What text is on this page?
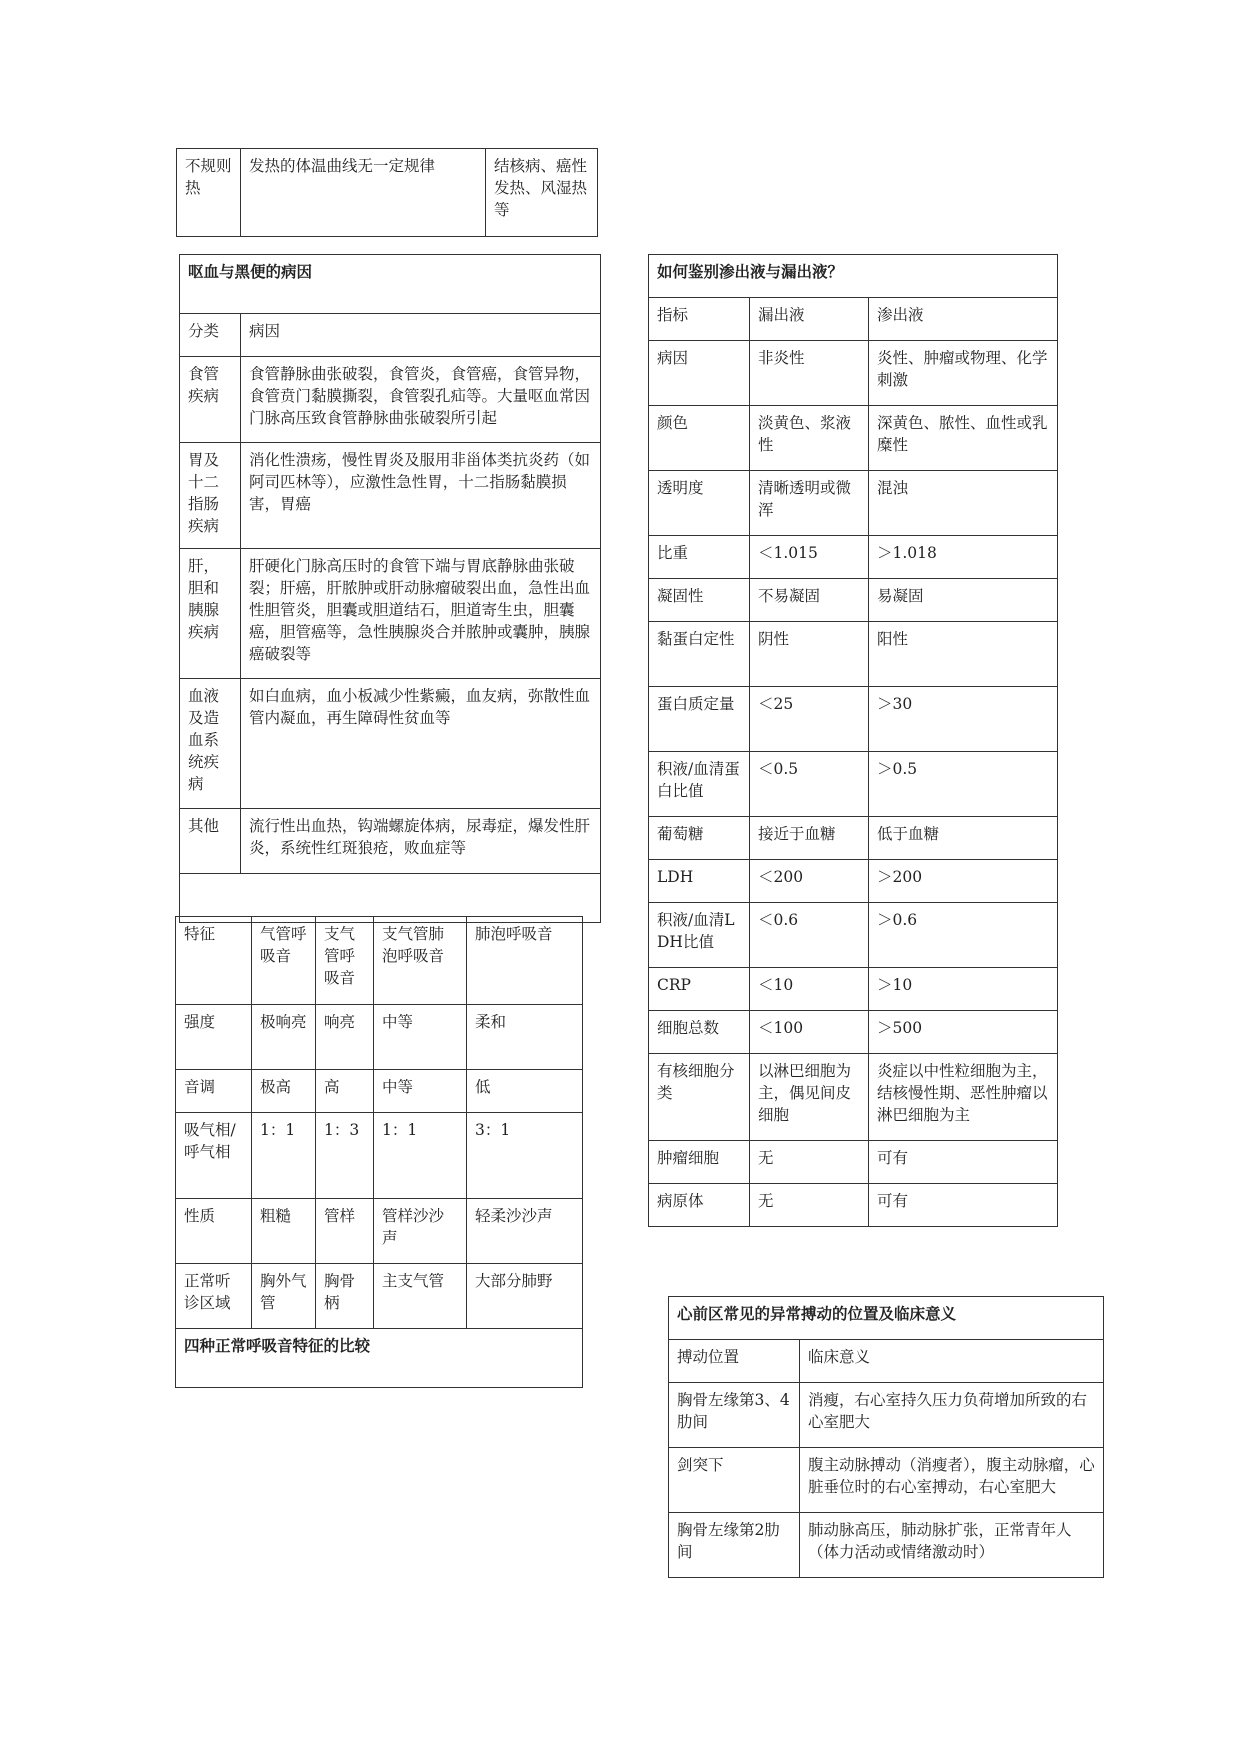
不规则热	发热的体温曲线无一定规律	结核病、癌性发热、风湿热等
呕血与黑便的病因	
分类	病因
食管疾病	食管静脉曲张破裂，食管炎，食管癌，食管异物，食管贲门黏膜撕裂，食管裂孔疝等。大量呕血常因门脉高压致食管静脉曲张破裂所引起
胃及十二指肠疾病	消化性溃疡，慢性胃炎及服用非甾体类抗炎药（如阿司匹林等），应激性急性胃，十二指肠黏膜损害，胃癌
肝，胆和胰腺疾病	肝硬化门脉高压时的食管下端与胃底静脉曲张破裂；肝癌，肝脓肿或肝动脉瘤破裂出血，急性出血性胆管炎，胆囊或胆道结石，胆道寄生虫，胆囊癌，胆管癌等，急性胰腺炎合并脓肿或囊肿，胰腺癌破裂等
血液及造血系统疾病	如白血病，血小板减少性紫癜，血友病，弥散性血管内凝血，再生障碍性贫血等
其他	流行性出血热，钩端螺旋体病，尿毒症，爆发性肝炎，系统性红斑狼疮，败血症等

特征	气管呼吸音	支气管呼吸音	支气管肺泡呼吸音	肺泡呼吸音
强度	极响亮	响亮	中等	柔和
音调	极高	高	中等	低
吸气相/呼气相	1：1	1：3	1：1	3：1
性质	粗糙	管样	管样沙沙声	轻柔沙沙声
正常听诊区域	胸外气管	胸骨柄	主支气管	大部分肺野
四种正常呼吸音特征的比较				
如何鉴别渗出液与漏出液？		
指标	漏出液	渗出液
病因	非炎性	炎性、肿瘤或物理、化学刺激
颜色	淡黄色、浆液性	深黄色、脓性、血性或乳糜性
透明度	清晰透明或微浑	混浊
比重	＜1.015	＞1.018
凝固性	不易凝固	易凝固
黏蛋白定性	阴性	阳性
蛋白质定量	＜25	＞30
积液/血清蛋白比值	＜0.5	＞0.5
葡萄糖	接近于血糖	低于血糖
LDH	＜200	＞200
积液/血清LDH比值	＜0.6	＞0.6
CRP	＜10	＞10
细胞总数	＜100	＞500
有核细胞分类	以淋巴细胞为主，偶见间皮细胞	炎症以中性粒细胞为主，结核慢性期、恶性肿瘤以淋巴细胞为主
肿瘤细胞	无	可有
病原体	无	可有
心前区常见的异常搏动的位置及临床意义	
搏动位置	临床意义
胸骨左缘第3、4肋间	消瘦，右心室持久压力负荷增加所致的右心室肥大
剑突下	腹主动脉搏动（消瘦者），腹主动脉瘤，心脏垂位时的右心室搏动，右心室肥大
胸骨左缘第2肋间	肺动脉高压，肺动脉扩张，正常青年人（体力活动或情绪激动时）
